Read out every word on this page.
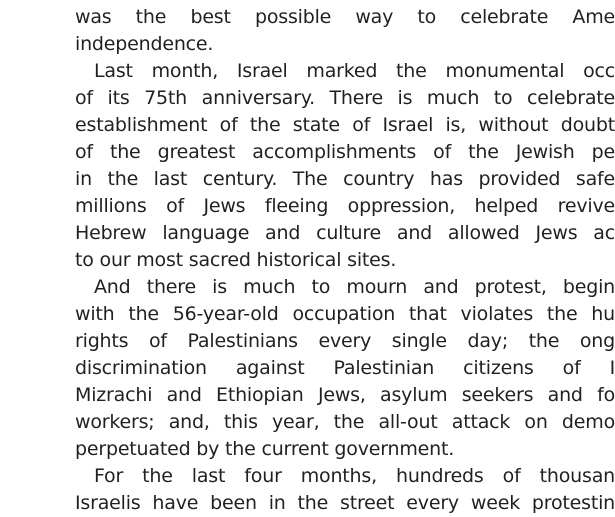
was the best possible way to celebrate Ame
independence.
Last month, Israel marked the monumental occ
of its 75th anniversary. There is much to celebrate
establishment of the state of Israel is, without doubt
of the greatest accomplishments of the Jewish pe
in the last century. The country has provided safe
millions of Jews fleeing oppression, helped revive
Hebrew language and culture and allowed Jews ac
to our most sacred historical sites.
And there is much to mourn and protest, begin
with the 56-year-old occupation that violates the hu
rights of Palestinians every single day; the ong
discrimination against Palestinian citizens of I
Mizrachi and Ethiopian Jews, asylum seekers and fo
workers; and, this year, the all-out attack on demo
perpetuated by the current government.
For the last four months, hundreds of thousan
Israelis have been in the street every week protestin
